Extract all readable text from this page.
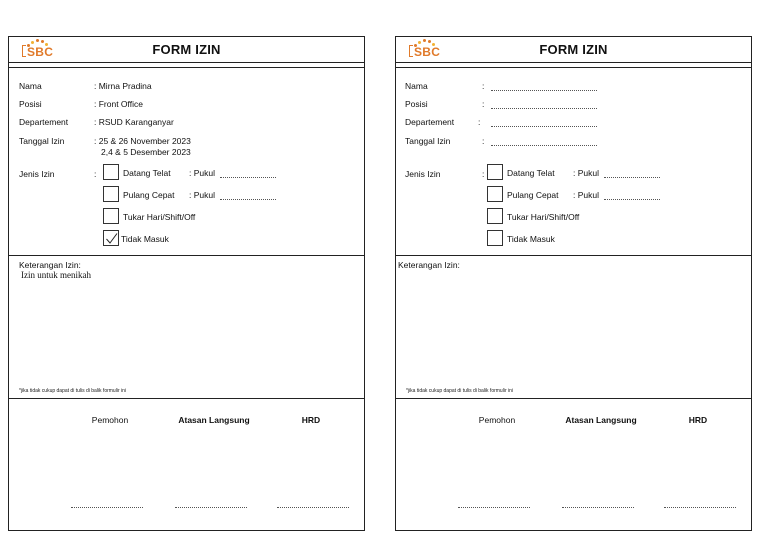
SBC	FORM IZIN
Nama	: Mirna Pradina
Posisi	: Front Office
Departement	: RSUD Karanganyar
Tanggal Izin	: 25 & 26 November 2023
2,4 & 5 Desember 2023
Jenis Izin	:	Datang Telat : Pukul
Pulang Cepat : Pukul
Tukar Hari/Shift/Off
Tidak Masuk
Keterangan Izin:
Izin untuk menikah
*jika tidak cukup dapat di tulis di balik formulir ini
Pemohon	Atasan Langsung	HRD
SBC	FORM IZIN
Nama	:
Posisi	:
Departement	:
Tanggal Izin	:
Jenis Izin	:	Datang Telat : Pukul
Pulang Cepat : Pukul
Tukar Hari/Shift/Off
Tidak Masuk
Keterangan Izin:
*jika tidak cukup dapat di tulis di balik formulir ini
Pemohon	Atasan Langsung	HRD
